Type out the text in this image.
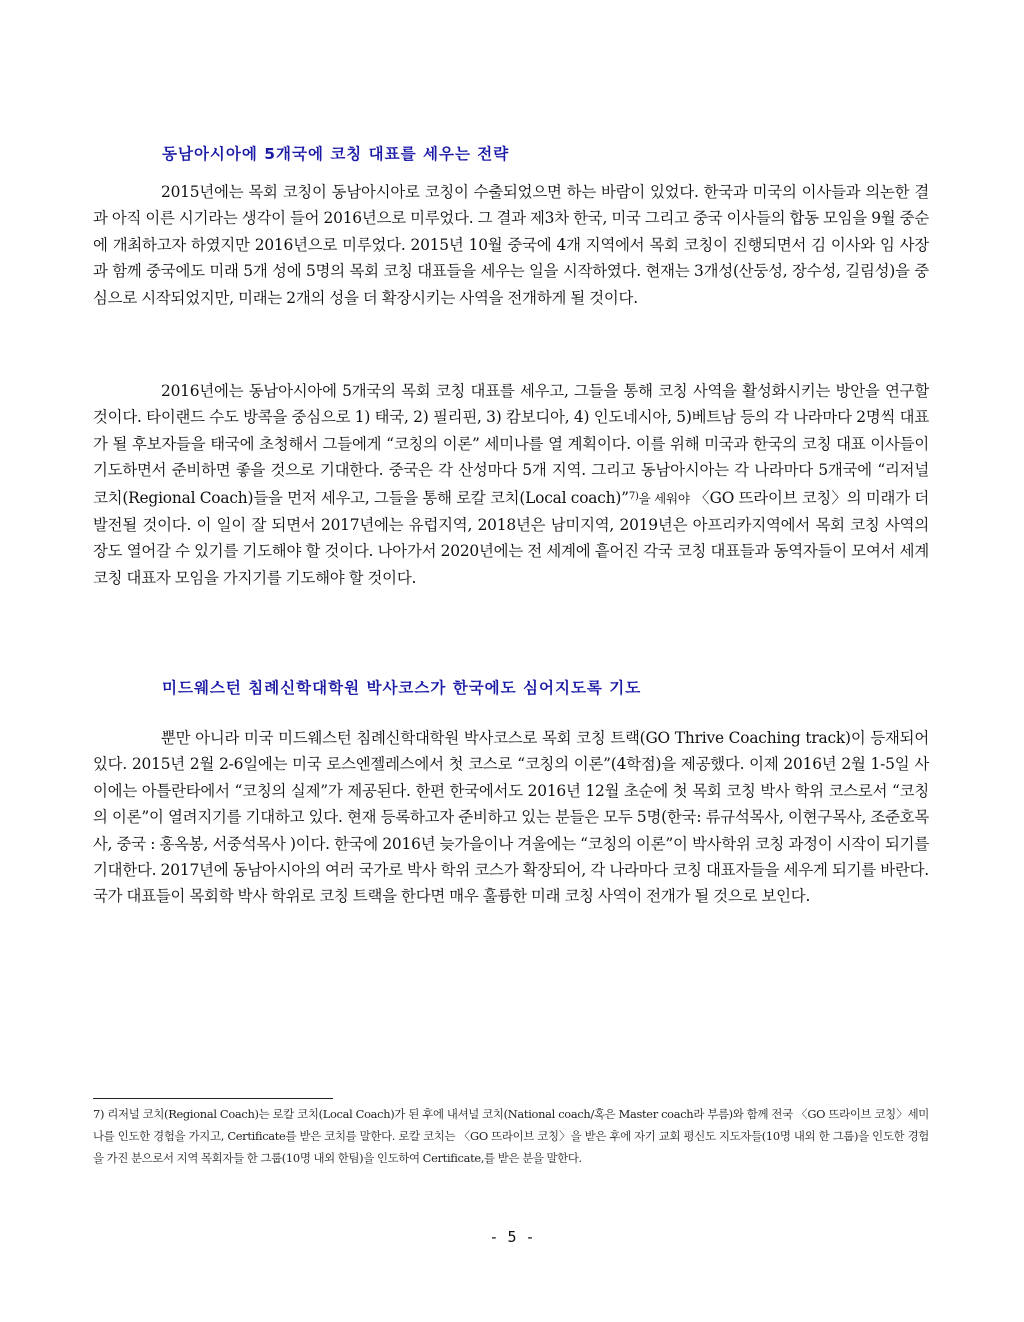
동남아시아에 5개국에 코칭 대표를 세우는 전략

2015년에는 목회 코칭이 동남아시아로 코칭이 수출되었으면 하는 바람이 있었다. 한국과 미국의 이사들과 의논한 결과 아직 이른 시기라는 생각이 들어 2016년으로 미루었다. 그 결과 제3차 한국, 미국 그리고 중국 이사들의 합동 모임을 9월 중순에 개최하고자 하였지만 2016년으로 미루었다. 2015년 10월 중국에 4개 지역에서 목회 코칭이 진행되면서 김 이사와 임 사장과 함께 중국에도 미래 5개 성에 5명의 목회 코칭 대표들을 세우는 일을 시작하였다. 현재는 3개성(산둥성, 장수성, 길림성)을 중심으로 시작되었지만, 미래는 2개의 성을 더 확장시키는 사역을 전개하게 될 것이다.

2016년에는 동남아시아에 5개국의 목회 코칭 대표를 세우고, 그들을 통해 코칭 사역을 활성화시키는 방안을 연구할 것이다. 타이랜드 수도 방콕을 중심으로 1) 태국, 2) 필리핀, 3) 캄보디아, 4) 인도네시아, 5)베트남 등의 각 나라마다 2명씩 대표가 될 후보자들을 태국에 초청해서 그들에게 “코칭의 이론” 세미나를 열 계획이다. 이를 위해 미국과 한국의 코칭 대표 이사들이 기도하면서 준비하면 좋을 것으로 기대한다. 중국은 각 산성마다 5개 지역. 그리고 동남아시아는 각 나라마다 5개국에 “리저널 코치(Regional Coach)들을 먼저 세우고, 그들을 통해 로칼 코치(Local coach)”$^{7)}$을 세워야 〈GO 뜨라이브 코칭〉의 미래가 더 발전될 것이다. 이 일이 잘 되면서 2017년에는 유럽지역, 2018년은 남미지역, 2019년은 아프리카지역에서 목회 코칭 사역의 장도 열어갈 수 있기를 기도해야 할 것이다. 나아가서 2020년에는 전 세계에 흩어진 각국 코칭 대표들과 동역자들이 모여서 세계 코칭 대표자 모임을 가지기를 기도해야 할 것이다.

미드웨스턴 침례신학대학원 박사코스가 한국에도 심어지도록 기도

뿐만 아니라 미국 미드웨스턴 침례신학대학원 박사코스로 목회 코칭 트랙(GO Thrive Coaching track)이 등재되어 있다. 2015년 2월 2-6일에는 미국 로스엔젤레스에서 첫 코스로 “코칭의 이론”(4학점)을 제공했다. 이제 2016년 2월 1-5일 사이에는 아틀란타에서 “코칭의 실제”가 제공된다. 한편 한국에서도 2016년 12월 초순에 첫 목회 코칭 박사 학위 코스로서 “코칭의 이론”이 열려지기를 기대하고 있다. 현재 등록하고자 준비하고 있는 분들은 모두 5명(한국: 류규석목사, 이현구목사, 조준호목사, 중국 : 홍옥봉, 서중석목사 )이다. 한국에 2016년 늦가을이나 겨울에는 “코칭의 이론”이 박사학위 코칭 과정이 시작이 되기를 기대한다. 2017년에 동남아시아의 여러 국가로 박사 학위 코스가 확장되어, 각 나라마다 코칭 대표자들을 세우게 되기를 바란다. 국가 대표들이 목회학 박사 학위로 코칭 트랙을 한다면 매우 훌륭한 미래 코칭 사역이 전개가 될 것으로 보인다.

7) 리저널 코치(Regional Coach)는 로칼 코치(Local Coach)가 된 후에 내셔널 코치(National coach/혹은 Master coach라 부름)와 함께 전국 〈GO 뜨라이브 코칭〉세미나를 인도한 경험을 가지고, Certificate를 받은 코치를 말한다. 로칼 코치는 〈GO 뜨라이브 코칭〉을 받은 후에 자기 교회 평신도 지도자들(10명 내외 한 그룹)을 인도한 경험을 가진 분으로서 지역 목회자들 한 그룹(10명 내외 한팀)을 인도하여 Certificate,를 받은 분을 말한다.

- 5 -
